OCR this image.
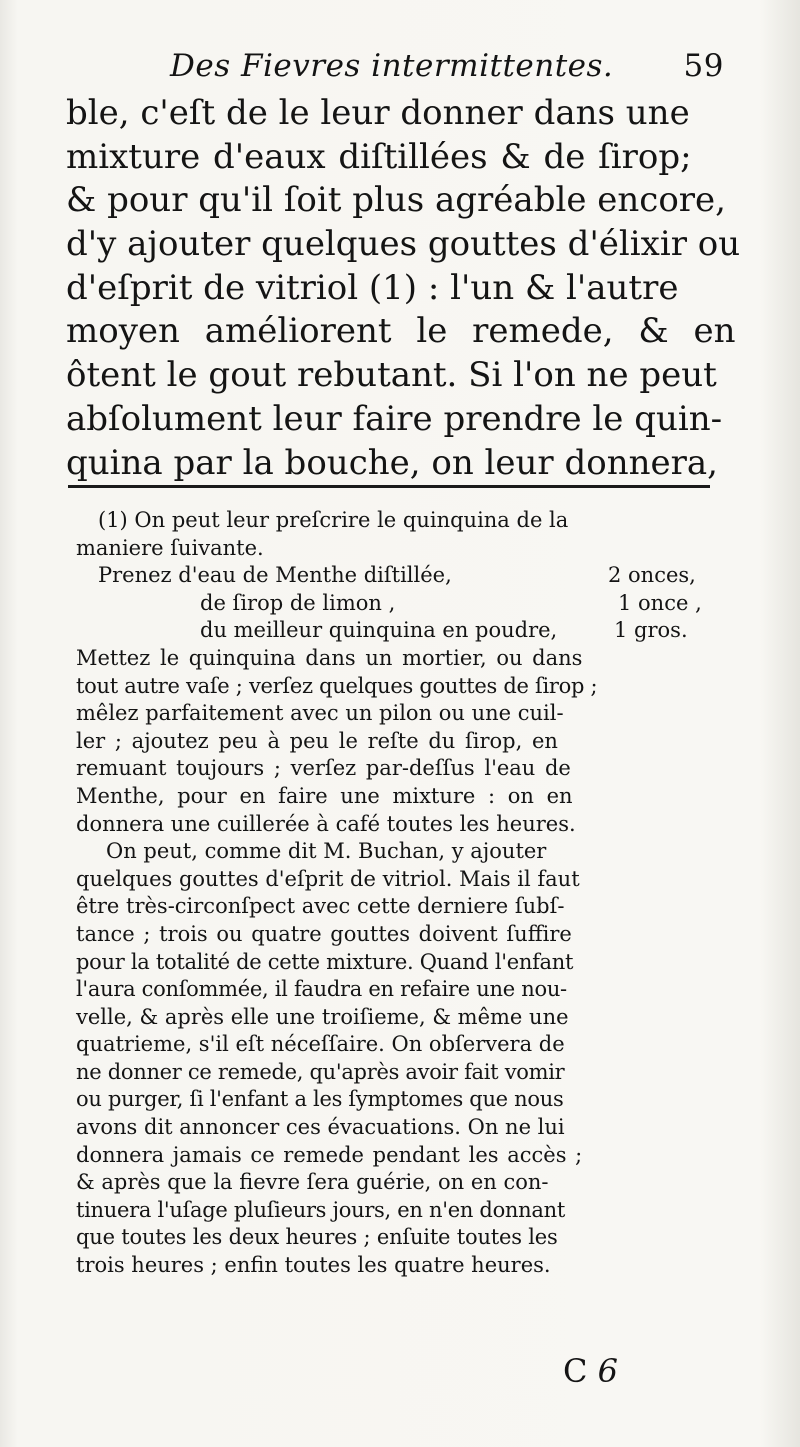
Des Fievres intermittentes. 59
ble, c'eſt de le leur donner dans une
mixture d'eaux diſtillées & de ſirop;
& pour qu'il ſoit plus agréable encore,
d'y ajouter quelques gouttes d'élixir ou
d'eſprit de vitriol (1) : l'un & l'autre
moyen améliorent le remede, & en
ôtent le gout rebutant. Si l'on ne peut
abſolument leur faire prendre le quin-
quina par la bouche, on leur donnera,
(1) On peut leur preſcrire le quinquina de la
maniere ſuivante.
Prenez d'eau de Menthe diſtillée,	2 onces,
de ſirop de limon ,	1 once ,
du meilleur quinquina en poudre,	1 gros.
Mettez le quinquina dans un mortier, ou dans
tout autre vaſe ; verſez quelques gouttes de ſirop ;
mêlez parfaitement avec un pilon ou une cuil-
ler ; ajoutez peu à peu le reſte du ſirop, en
remuant toujours ; verſez par-deſſus l'eau de
Menthe, pour en faire une mixture : on en
donnera une cuillerée à café toutes les heures.
On peut, comme dit M. Buchan, y ajouter
quelques gouttes d'eſprit de vitriol. Mais il faut
être très-circonſpect avec cette derniere ſubſ-
tance ; trois ou quatre gouttes doivent ſuffire
pour la totalité de cette mixture. Quand l'enfant
l'aura conſommée, il faudra en refaire une nou-
velle, & après elle une troiſieme, & même une
quatrieme, s'il eſt néceſſaire. On obſervera de
ne donner ce remede, qu'après avoir fait vomir
ou purger, ſi l'enfant a les ſymptomes que nous
avons dit annoncer ces évacuations. On ne lui
donnera jamais ce remede pendant les accès ;
& après que la fievre ſera guérie, on en con-
tinuera l'uſage pluſieurs jours, en n'en donnant
que toutes les deux heures ; enſuite toutes les
trois heures ; enfin toutes les quatre heures.
C 6
